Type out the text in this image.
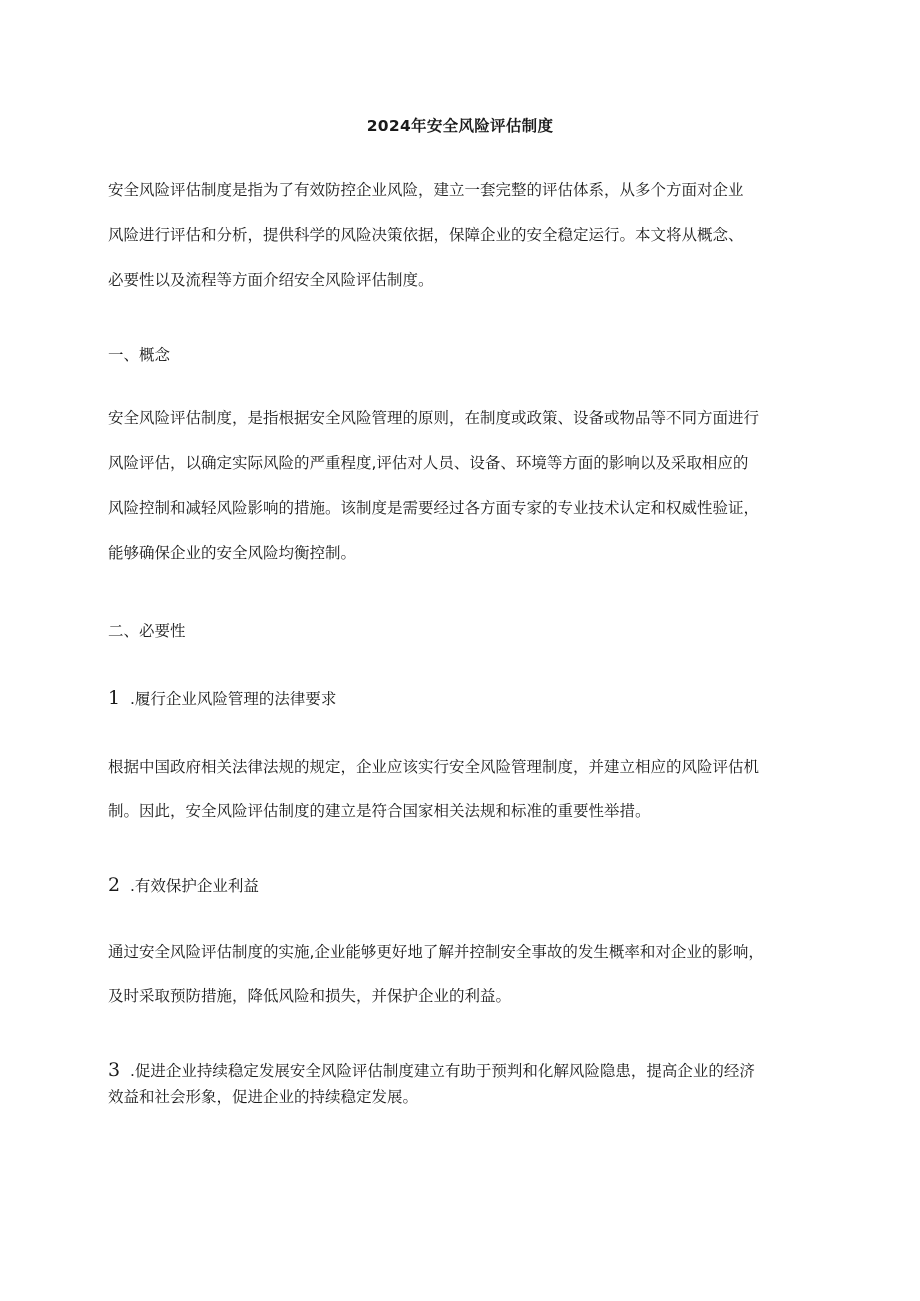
2024年安全风险评估制度
安全风险评估制度是指为了有效防控企业风险，建立一套完整的评估体系，从多个方面对企业
风险进行评估和分析，提供科学的风险决策依据，保障企业的安全稳定运行。本文将从概念、
必要性以及流程等方面介绍安全风险评估制度。
一、概念
安全风险评估制度，是指根据安全风险管理的原则，在制度或政策、设备或物品等不同方面进行
风险评估，以确定实际风险的严重程度,评估对人员、设备、环境等方面的影响以及采取相应的
风险控制和减轻风险影响的措施。该制度是需要经过各方面专家的专业技术认定和权威性验证，
能够确保企业的安全风险均衡控制。
二、必要性
1 .履行企业风险管理的法律要求
根据中国政府相关法律法规的规定，企业应该实行安全风险管理制度，并建立相应的风险评估机
制。因此，安全风险评估制度的建立是符合国家相关法规和标准的重要性举措。
2 .有效保护企业利益
通过安全风险评估制度的实施,企业能够更好地了解并控制安全事故的发生概率和对企业的影响，
及时采取预防措施，降低风险和损失，并保护企业的利益。
3 .促进企业持续稳定发展安全风险评估制度建立有助于预判和化解风险隐患，提高企业的经济
效益和社会形象，促进企业的持续稳定发展。
